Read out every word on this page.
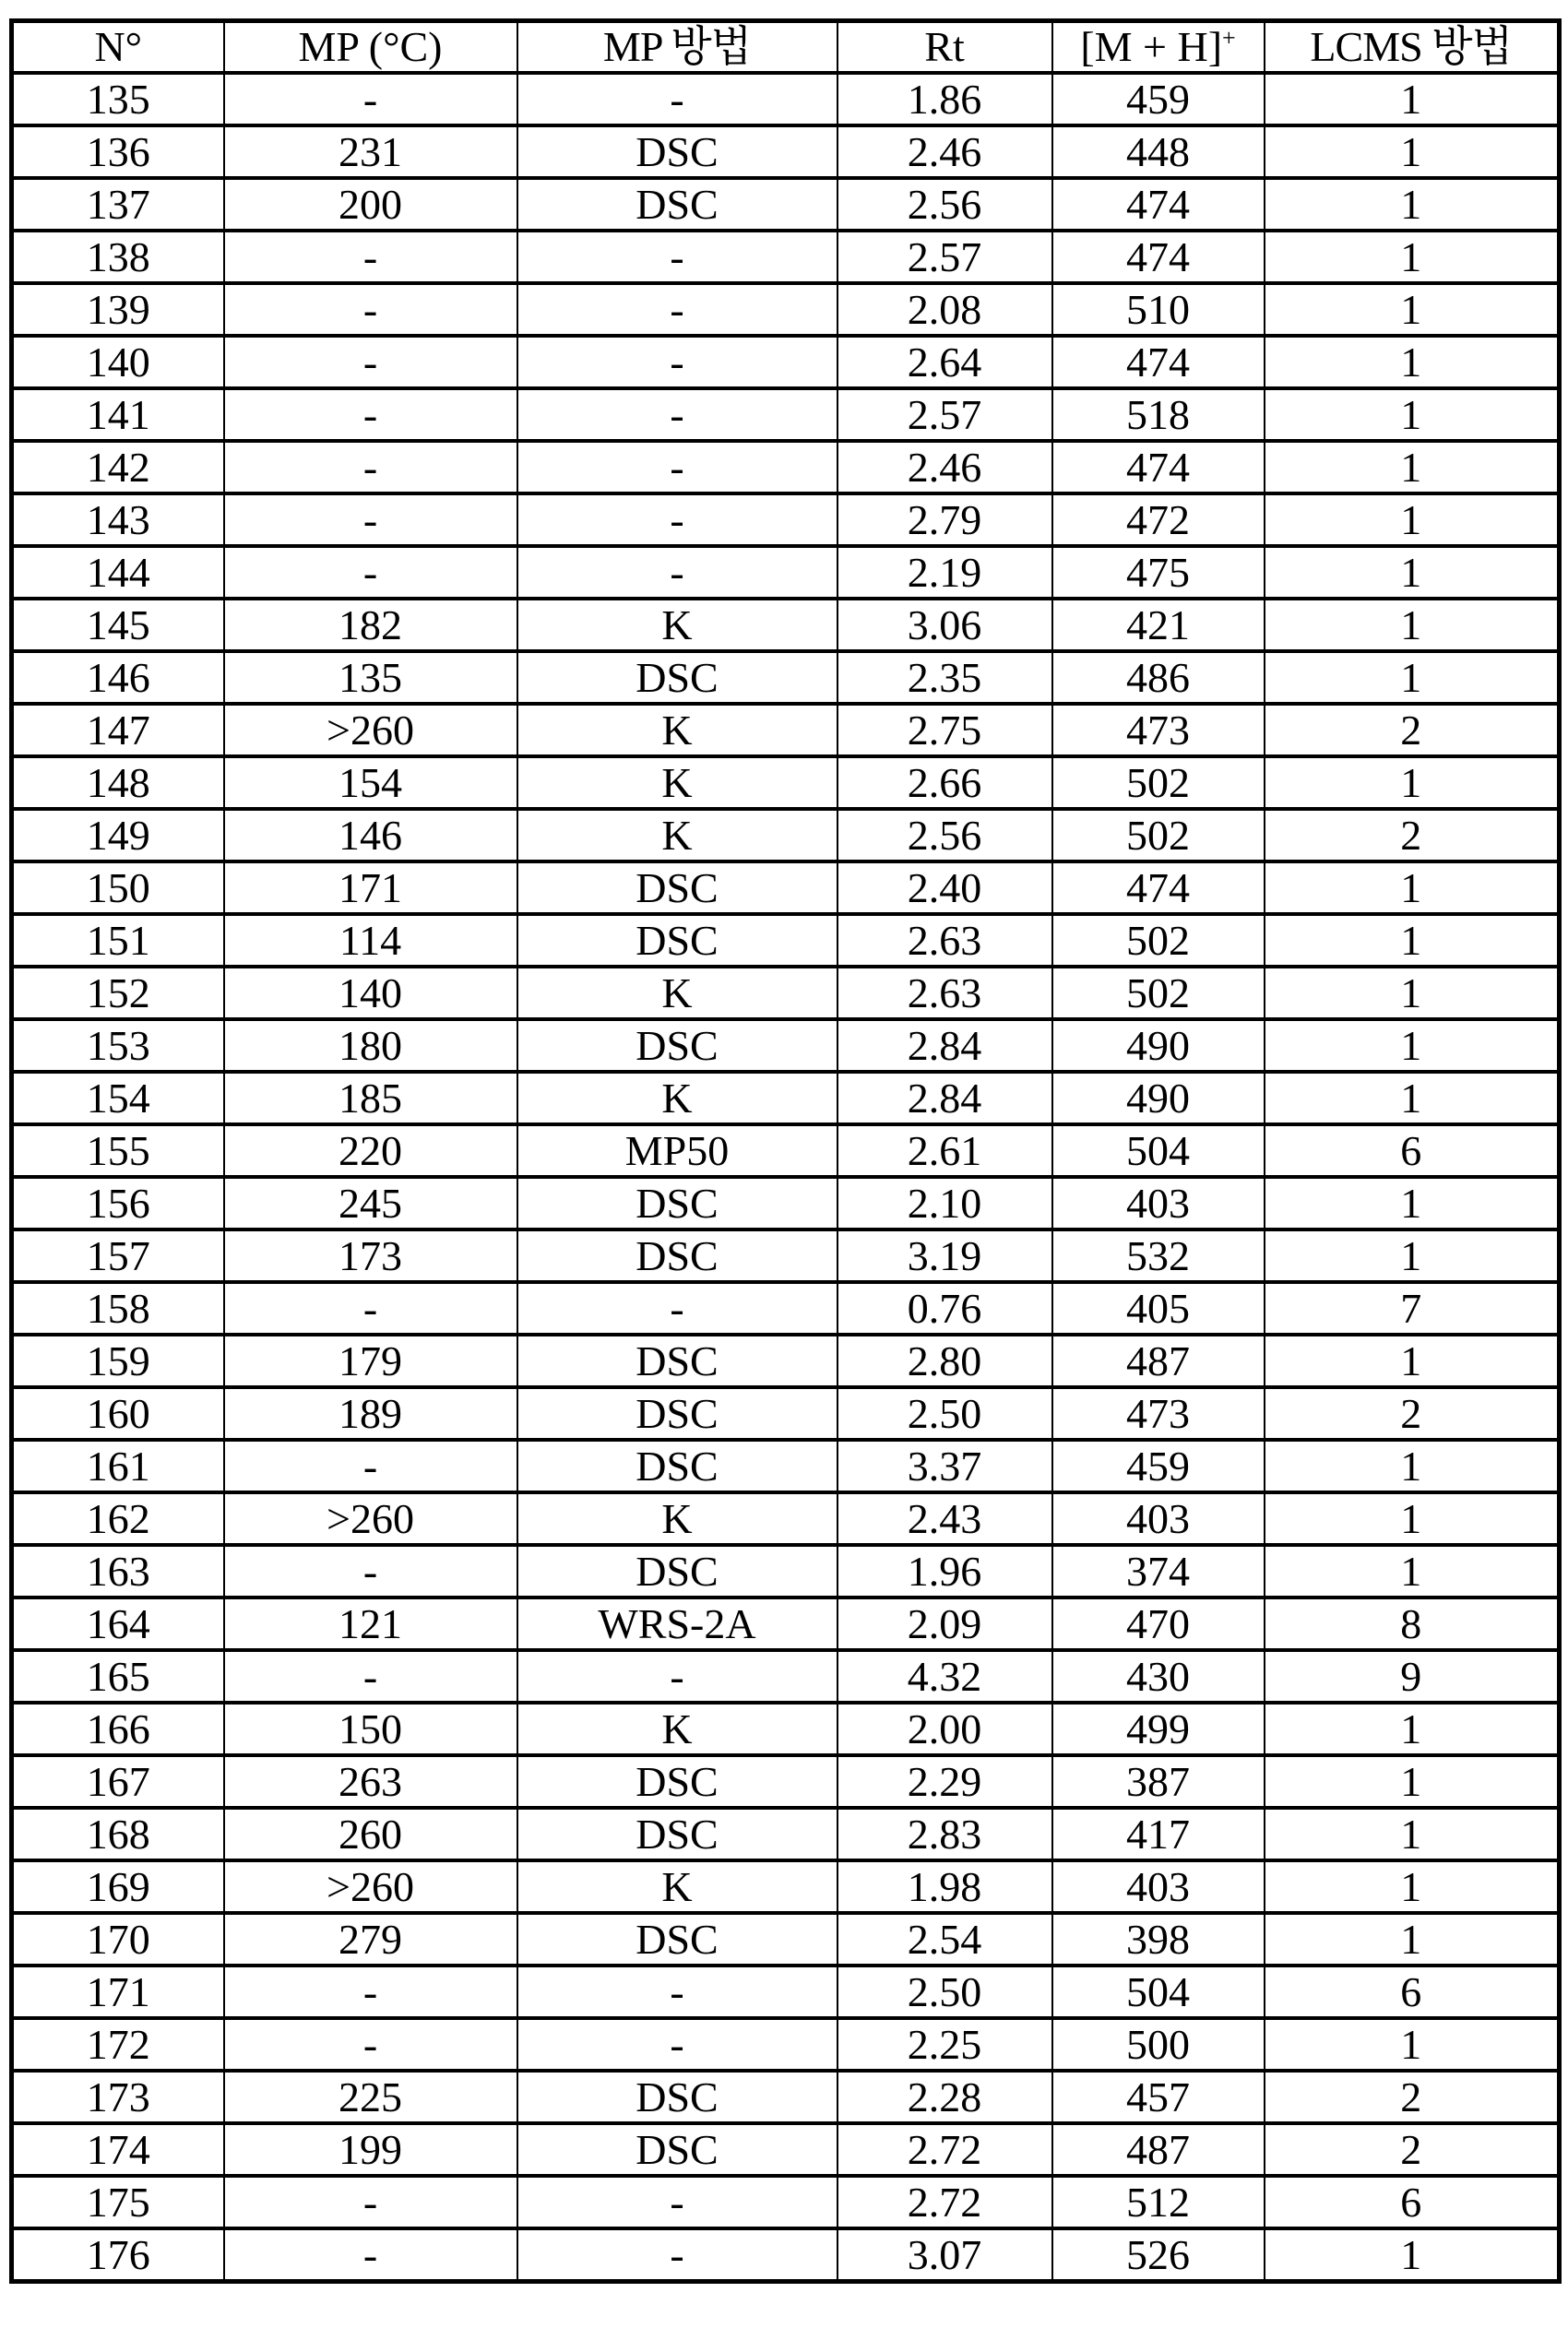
N°	MP (°C)	MP 방법	Rt	[M + H]+	LCMS 방법
135	-	-	1.86	459	1
136	231	DSC	2.46	448	1
137	200	DSC	2.56	474	1
138	-	-	2.57	474	1
139	-	-	2.08	510	1
140	-	-	2.64	474	1
141	-	-	2.57	518	1
142	-	-	2.46	474	1
143	-	-	2.79	472	1
144	-	-	2.19	475	1
145	182	K	3.06	421	1
146	135	DSC	2.35	486	1
147	>260	K	2.75	473	2
148	154	K	2.66	502	1
149	146	K	2.56	502	2
150	171	DSC	2.40	474	1
151	114	DSC	2.63	502	1
152	140	K	2.63	502	1
153	180	DSC	2.84	490	1
154	185	K	2.84	490	1
155	220	MP50	2.61	504	6
156	245	DSC	2.10	403	1
157	173	DSC	3.19	532	1
158	-	-	0.76	405	7
159	179	DSC	2.80	487	1
160	189	DSC	2.50	473	2
161	-	DSC	3.37	459	1
162	>260	K	2.43	403	1
163	-	DSC	1.96	374	1
164	121	WRS-2A	2.09	470	8
165	-	-	4.32	430	9
166	150	K	2.00	499	1
167	263	DSC	2.29	387	1
168	260	DSC	2.83	417	1
169	>260	K	1.98	403	1
170	279	DSC	2.54	398	1
171	-	-	2.50	504	6
172	-	-	2.25	500	1
173	225	DSC	2.28	457	2
174	199	DSC	2.72	487	2
175	-	-	2.72	512	6
176	-	-	3.07	526	1
